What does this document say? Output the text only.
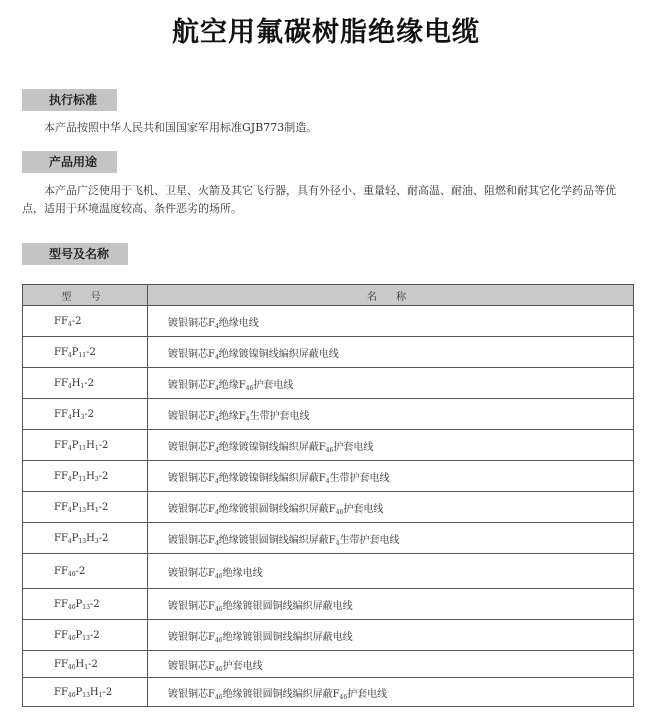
航空用氟碳树脂绝缘电缆
执行标准

本产品按照中华人民共和国国家军用标准GJB773制造。

产品用途

本产品广泛使用于飞机、卫星、火箭及其它飞行器，具有外径小、重量轻、耐高温、耐油、阻燃和耐其它化学药品等优点，适用于环境温度较高、条件恶劣的场所。

型号及名称
型 号	名 称
$FF_4-2$	镀银铜芯$F_4$绝缘电线
$FF_4P_{11}-2$	镀银铜芯$F_4$绝缘镀镍铜线编织屏蔽电线
$FF_4H_1-2$	镀银铜芯$F_4$绝缘$F_{46}$护套电线
$FF_4H_3-2$	镀银铜芯$F_4$绝缘$F_4$生带护套电线
$FF_4P_{11}H_1-2$	镀银铜芯$F_4$绝缘镀镍铜线编织屏蔽$F_{46}$护套电线
$FF_4P_{11}H_3-2$	镀银铜芯$F_4$绝缘镀镍铜线编织屏蔽$F_4$生带护套电线
$FF_4P_{13}H_1-2$	镀银铜芯$F_4$绝缘镀银圆铜线编织屏蔽$F_{46}$护套电线
$FF_4P_{13}H_3-2$	镀银铜芯$F_4$绝缘镀银圆铜线编织屏蔽$F_4$生带护套电线
$FF_{46}-2$	镀银铜芯$F_{46}$绝缘电线
$FF_{46}P_{13}-2$	镀银铜芯$F_{46}$绝缘镀银圆铜线编织屏蔽电线
$FF_{46}P_{13}-2$	镀银铜芯$F_{46}$绝缘镀银圆铜线编织屏蔽电线
$FF_{46}H_1-2$	镀银铜芯$F_{46}$护套电线
$FF_{46}P_{13}H_1-2$	镀银铜芯$F_{46}$绝缘镀银圆铜线编织屏蔽$F_{46}$护套电线
